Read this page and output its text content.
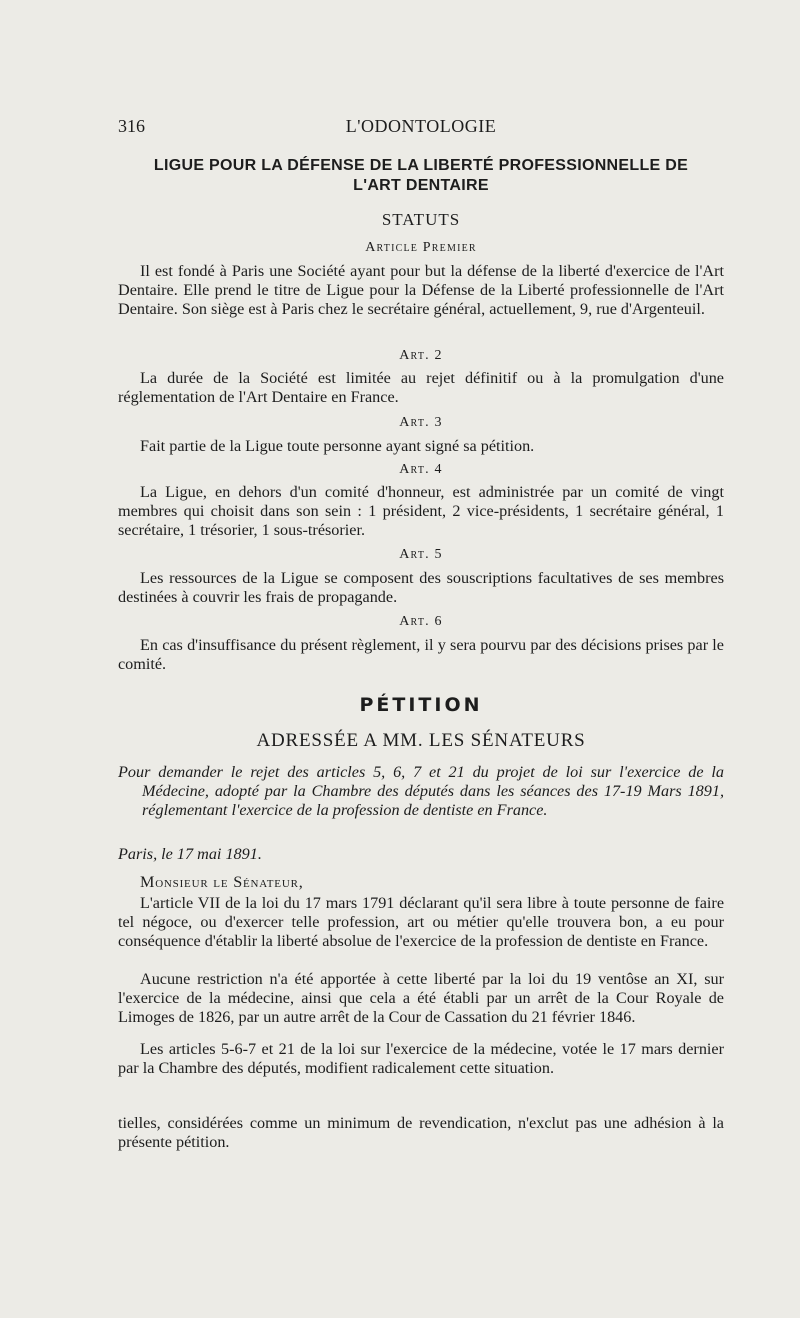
316	L'ODONTOLOGIE
LIGUE POUR LA DÉFENSE DE LA LIBERTÉ PROFESSIONNELLE DE
L'ART DENTAIRE
STATUTS
Article Premier
Il est fondé à Paris une Société ayant pour but la défense de la liberté d'exercice de l'Art Dentaire. Elle prend le titre de Ligue pour la Défense de la Liberté professionnelle de l'Art Dentaire. Son siège est à Paris chez le secrétaire général, actuellement, 9, rue d'Argenteuil.
Art. 2
La durée de la Société est limitée au rejet définitif ou à la promulgation d'une réglementation de l'Art Dentaire en France.
Art. 3
Fait partie de la Ligue toute personne ayant signé sa pétition.
Art. 4
La Ligue, en dehors d'un comité d'honneur, est administrée par un comité de vingt membres qui choisit dans son sein : 1 président, 2 vice-présidents, 1 secrétaire général, 1 secrétaire, 1 trésorier, 1 sous-trésorier.
Art. 5
Les ressources de la Ligue se composent des souscriptions facultatives de ses membres destinées à couvrir les frais de propagande.
Art. 6
En cas d'insuffisance du présent règlement, il y sera pourvu par des décisions prises par le comité.
PÉTITION
ADRESSÉE A MM. LES SÉNATEURS
Pour demander le rejet des articles 5, 6, 7 et 21 du projet de loi sur l'exercice de la Médecine, adopté par la Chambre des députés dans les séances des 17-19 Mars 1891, réglementant l'exercice de la profession de dentiste en France.
Paris, le 17 mai 1891.
Monsieur le Sénateur,
L'article VII de la loi du 17 mars 1791 déclarant qu'il sera libre à toute personne de faire tel négoce, ou d'exercer telle profession, art ou métier qu'elle trouvera bon, a eu pour conséquence d'établir la liberté absolue de l'exercice de la profession de dentiste en France.
Aucune restriction n'a été apportée à cette liberté par la loi du 19 ventôse an XI, sur l'exercice de la médecine, ainsi que cela a été établi par un arrêt de la Cour Royale de Limoges de 1826, par un autre arrêt de la Cour de Cassation du 21 février 1846.
Les articles 5-6-7 et 21 de la loi sur l'exercice de la médecine, votée le 17 mars dernier par la Chambre des députés, modifient radicalement cette situation.
tielles, considérées comme un minimum de revendication, n'exclut pas une adhésion à la présente pétition.
